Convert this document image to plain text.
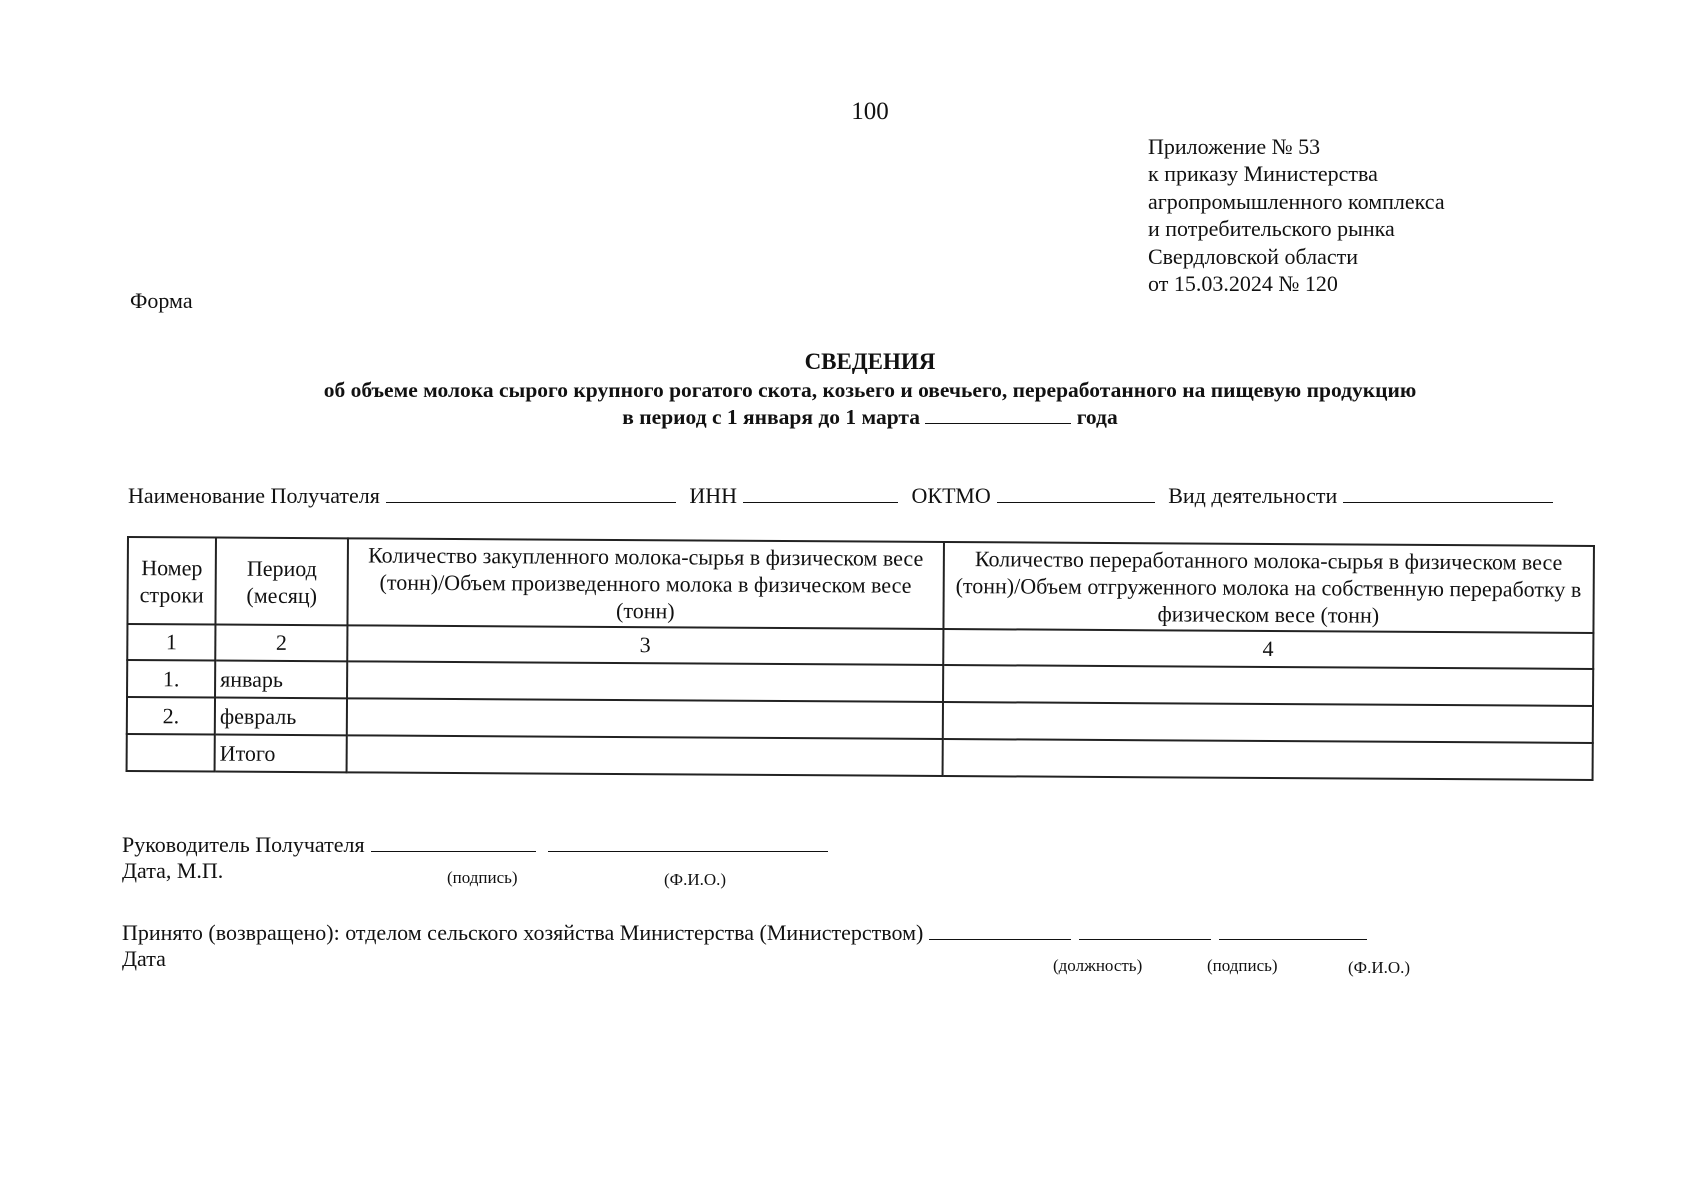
100
Приложение № 53
к приказу Министерства
агропромышленного комплекса
и потребительского рынка
Свердловской области
от 15.03.2024 № 120
Форма
СВЕДЕНИЯ
об объеме молока сырого крупного рогатого скота, козьего и овечьего, переработанного на пищевую продукцию
в период с 1 января до 1 марта	года
Наименование Получателя	ИНН	ОКТМО	Вид деятельности
Номер строки	Период (месяц)	Количество закупленного молока-сырья в физическом весе (тонн)/Объем произведенного молока в физическом весе (тонн)	Количество переработанного молока-сырья в физическом весе (тонн)/Объем отгруженного молока на собственную переработку в физическом весе (тонн)
1	2	3	4
1.	январь		
2.	февраль		
	Итого		
Руководитель Получателя
Дата, М.П.	(подпись)	(Ф.И.О.)
Принято (возвращено): отделом сельского хозяйства Министерства (Министерством)
Дата	(должность)	(подпись)	(Ф.И.О.)
